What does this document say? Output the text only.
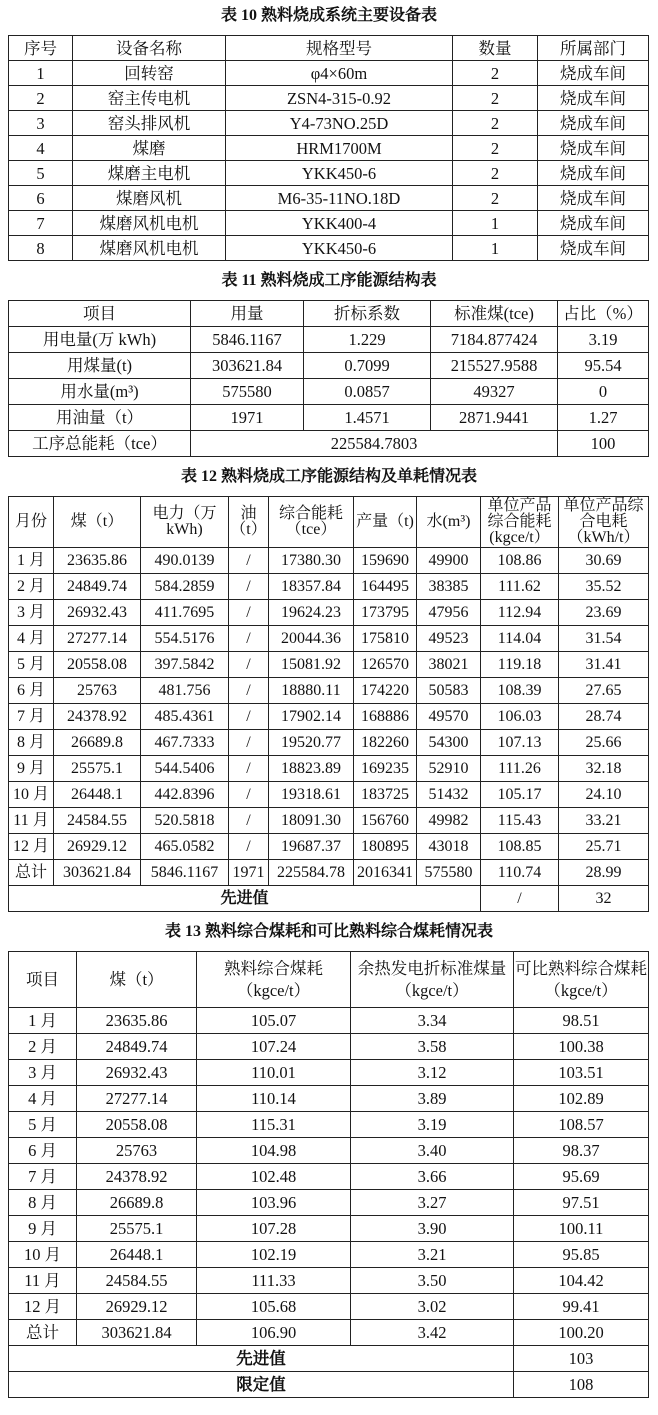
表 10 熟料烧成系统主要设备表
序号	设备名称	规格型号	数量	所属部门
1	回转窑	φ4×60m	2	烧成车间
2	窑主传电机	ZSN4-315-0.92	2	烧成车间
3	窑头排风机	Y4-73NO.25D	2	烧成车间
4	煤磨	HRM1700M	2	烧成车间
5	煤磨主电机	YKK450-6	2	烧成车间
6	煤磨风机	M6-35-11NO.18D	2	烧成车间
7	煤磨风机电机	YKK400-4	1	烧成车间
8	煤磨风机电机	YKK450-6	1	烧成车间
表 11 熟料烧成工序能源结构表
项目	用量	折标系数	标准煤(tce)	占比（%）
用电量(万 kWh)	5846.1167	1.229	7184.877424	3.19
用煤量(t)	303621.84	0.7099	215527.9588	95.54
用水量(m³)	575580	0.0857	49327	0
用油量（t）	1971	1.4571	2871.9441	1.27
工序总能耗（tce）	225584.7803			100
表 12 熟料烧成工序能源结构及单耗情况表
月份	煤（t）	电力（万 kWh)	油（t）	综合能耗（tce）	产量（t)	水(m³)	单位产品综合能耗(kgce/t）	单位产品综合电耗（kWh/t）
1 月	23635.86	490.0139	/	17380.30	159690	49900	108.86	30.69
2 月	24849.74	584.2859	/	18357.84	164495	38385	111.62	35.52
3 月	26932.43	411.7695	/	19624.23	173795	47956	112.94	23.69
4 月	27277.14	554.5176	/	20044.36	175810	49523	114.04	31.54
5 月	20558.08	397.5842	/	15081.92	126570	38021	119.18	31.41
6 月	25763	481.756	/	18880.11	174220	50583	108.39	27.65
7 月	24378.92	485.4361	/	17902.14	168886	49570	106.03	28.74
8 月	26689.8	467.7333	/	19520.77	182260	54300	107.13	25.66
9 月	25575.1	544.5406	/	18823.89	169235	52910	111.26	32.18
10 月	26448.1	442.8396	/	19318.61	183725	51432	105.17	24.10
11 月	24584.55	520.5818	/	18091.30	156760	49982	115.43	33.21
12 月	26929.12	465.0582	/	19687.37	180895	43018	108.85	25.71
总计	303621.84	5846.1167	1971	225584.78	2016341	575580	110.74	28.99
先进值							/	32
表 13 熟料综合煤耗和可比熟料综合煤耗情况表
项目	煤（t）	熟料综合煤耗（kgce/t）	余热发电折标准煤量（kgce/t）	可比熟料综合煤耗（kgce/t）
1 月	23635.86	105.07	3.34	98.51
2 月	24849.74	107.24	3.58	100.38
3 月	26932.43	110.01	3.12	103.51
4 月	27277.14	110.14	3.89	102.89
5 月	20558.08	115.31	3.19	108.57
6 月	25763	104.98	3.40	98.37
7 月	24378.92	102.48	3.66	95.69
8 月	26689.8	103.96	3.27	97.51
9 月	25575.1	107.28	3.90	100.11
10 月	26448.1	102.19	3.21	95.85
11 月	24584.55	111.33	3.50	104.42
12 月	26929.12	105.68	3.02	99.41
总计	303621.84	106.90	3.42	100.20
先进值				103
限定值				108
